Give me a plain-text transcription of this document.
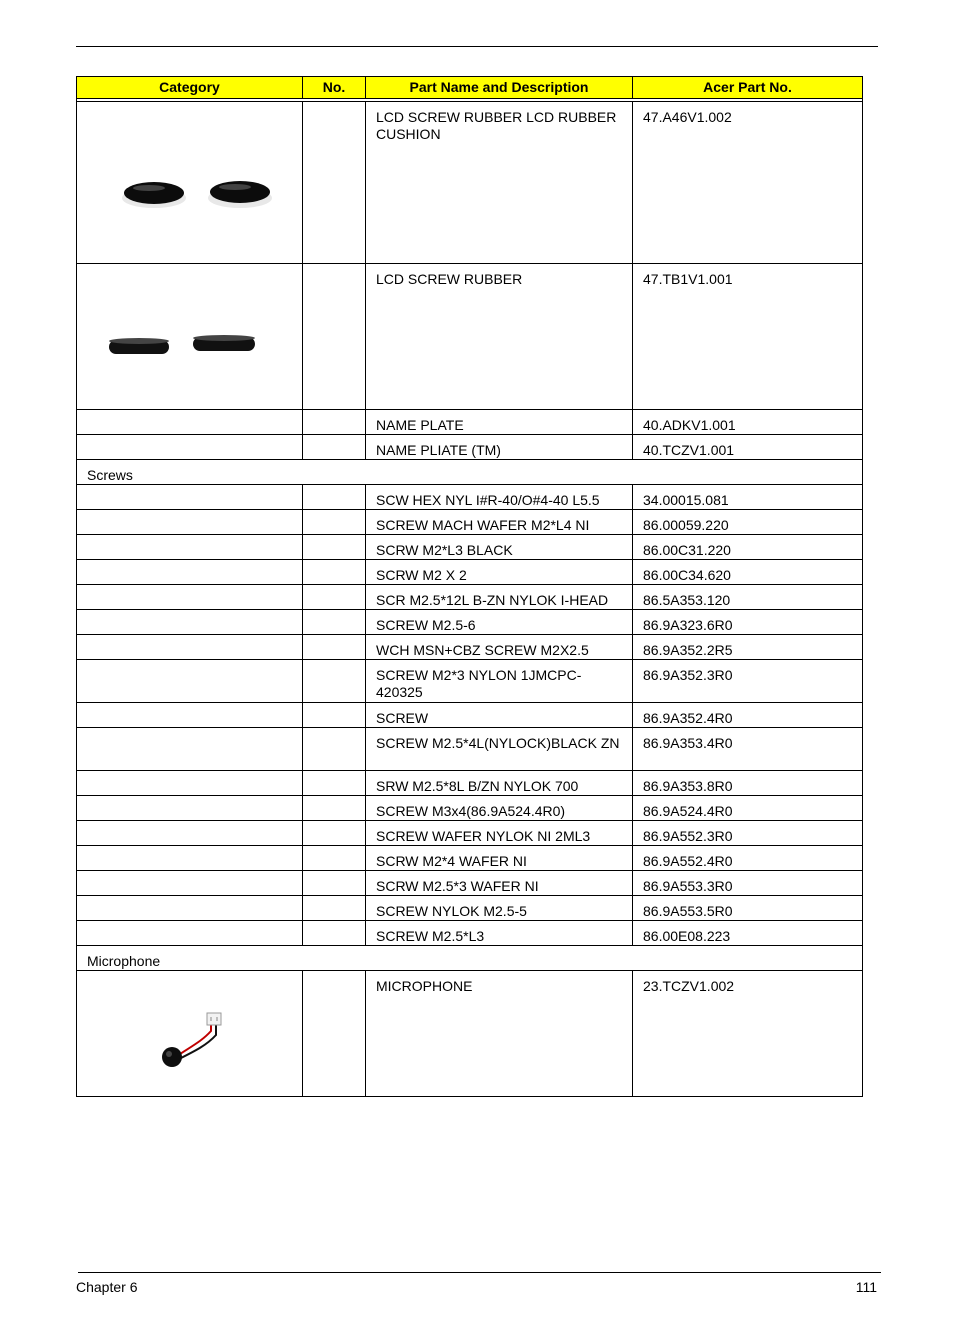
Category	No.	Part Name and Description	Acer Part No.

		LCD SCREW RUBBER LCD RUBBER CUSHION	47.A46V1.002

		LCD SCREW RUBBER	47.TB1V1.001
		NAME PLATE	40.ADKV1.001
		NAME PLIATE (TM)	40.TCZV1.001
Screws			
		SCW HEX NYL I#R-40/O#4-40 L5.5	34.00015.081
		SCREW MACH WAFER M2*L4 NI	86.00059.220
		SCRW M2*L3 BLACK	86.00C31.220
		SCRW M2 X 2	86.00C34.620
		SCR M2.5*12L B-ZN NYLOK I-HEAD	86.5A353.120
		SCREW M2.5-6	86.9A323.6R0
		WCH MSN+CBZ SCREW M2X2.5	86.9A352.2R5
		SCREW M2*3 NYLON 1JMCPC-420325	86.9A352.3R0
		SCREW	86.9A352.4R0
		SCREW M2.5*4L(NYLOCK)BLACK ZN	86.9A353.4R0
		SRW M2.5*8L B/ZN NYLOK 700	86.9A353.8R0
		SCREW M3x4(86.9A524.4R0)	86.9A524.4R0
		SCREW WAFER NYLOK NI 2ML3	86.9A552.3R0
		SCRW M2*4 WAFER NI	86.9A552.4R0
		SCRW M2.5*3 WAFER NI	86.9A553.3R0
		SCREW NYLOK M2.5-5	86.9A553.5R0
		SCREW M2.5*L3	86.00E08.223
Microphone			

		MICROPHONE	23.TCZV1.002
Chapter 6	111
